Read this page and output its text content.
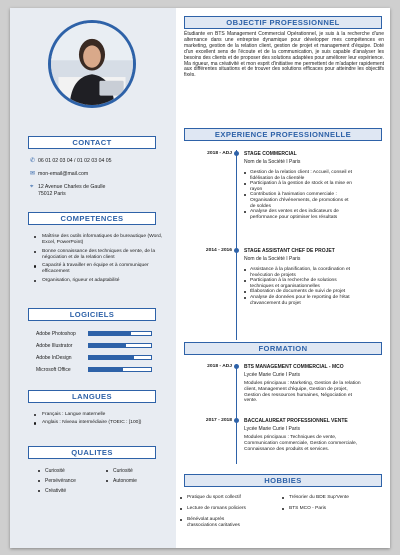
CONTACT
✆ 06 01 02 03 04 / 01 02 03 04 05
✉ mon-email@mail.com
⌖ 12 Avenue Charles de Gaulle
75012 Paris
COMPETENCES
Maîtrise des outils informatiques de bureautique (Word, Excel, PowerPoint)
Bonne connaissance des techniques de vente, de la négociation et de la relation client
Capacité à travailler en équipe et à communiquer efficacement
Organisation, rigueur et adaptabilité
LOGICIELS
Adobe Photoshop
Adobe Illustrator
Adobe InDesign
Microsoft Office
LANGUES
Français : Langue maternelle
Anglais : Niveau intermédiaire (TOEIC : [100])
QUALITES
Curiosité	Curiosité
Persévérance	Autonomie
Créativité
OBJECTIF PROFESSIONNEL
Étudiante en BTS Management Commercial Opérationnel, je suis à la recherche d'une alternance dans une entreprise dynamique pour développer mes compétences en marketing, gestion de la relation client, gestion de projet et management d'équipe. Doté d'un excellent sens de l'écoute et de la communication, je suis capable d'analyser les besoins des clients et de proposer des solutions adaptées pour améliorer leur expérience. Ma rigueur, ma créativité et mon esprit d'initiative me permettent de m'adapter rapidement aux différentes situations et de trouver des solutions efficaces pour atteindre les objectifs fixés.
EXPERIENCE PROFESSIONNELLE
2018 - ADJ STAGE COMMERCIAL
Nom de la Société I Paris
Gestion de la relation client : Accueil, conseil et fidélisation de la clientèle
Participation à la gestion de stock et la mise en rayon
Contribution à l'animation commerciale : Organisation d'événements, de promotions et de soldes
Analyse des ventes et des indicateurs de performance pour optimiser les résultats
2014 - 2016 STAGE ASSISTANT CHEF DE PROJET
Nom de la Société I Paris
Assistance à la planification, la coordination et l'exécution de projets
Participation à la recherche de solutions techniques et organisationnelles
Élaboration de documents de suivi de projet
Analyse de données pour le reporting de l'état d'avancement du projet
FORMATION
2018 - ADJ BTS MANAGEMENT COMMERCIAL - MCO
Lycée Marie Curie I Paris
Modules principaux : Marketing, Gestion de la relation client, Management d'équipe, Gestion de projet, Gestion des ressources humaines, Négociation et vente.
2017 - 2018 BACCALAUREAT PROFESSIONNEL VENTE
Lycée Marie Curie I Paris
Modules principaux : Techniques de vente, Communication commerciale, Gestion commerciale, Connaissance des produits et services.
HOBBIES
Pratique du sport collectif	Trésorier du BDE Sup'Vente
Lecture de romans policiers	BTS MCO - Paris
Bénévolat auprès d'associations caritatives
